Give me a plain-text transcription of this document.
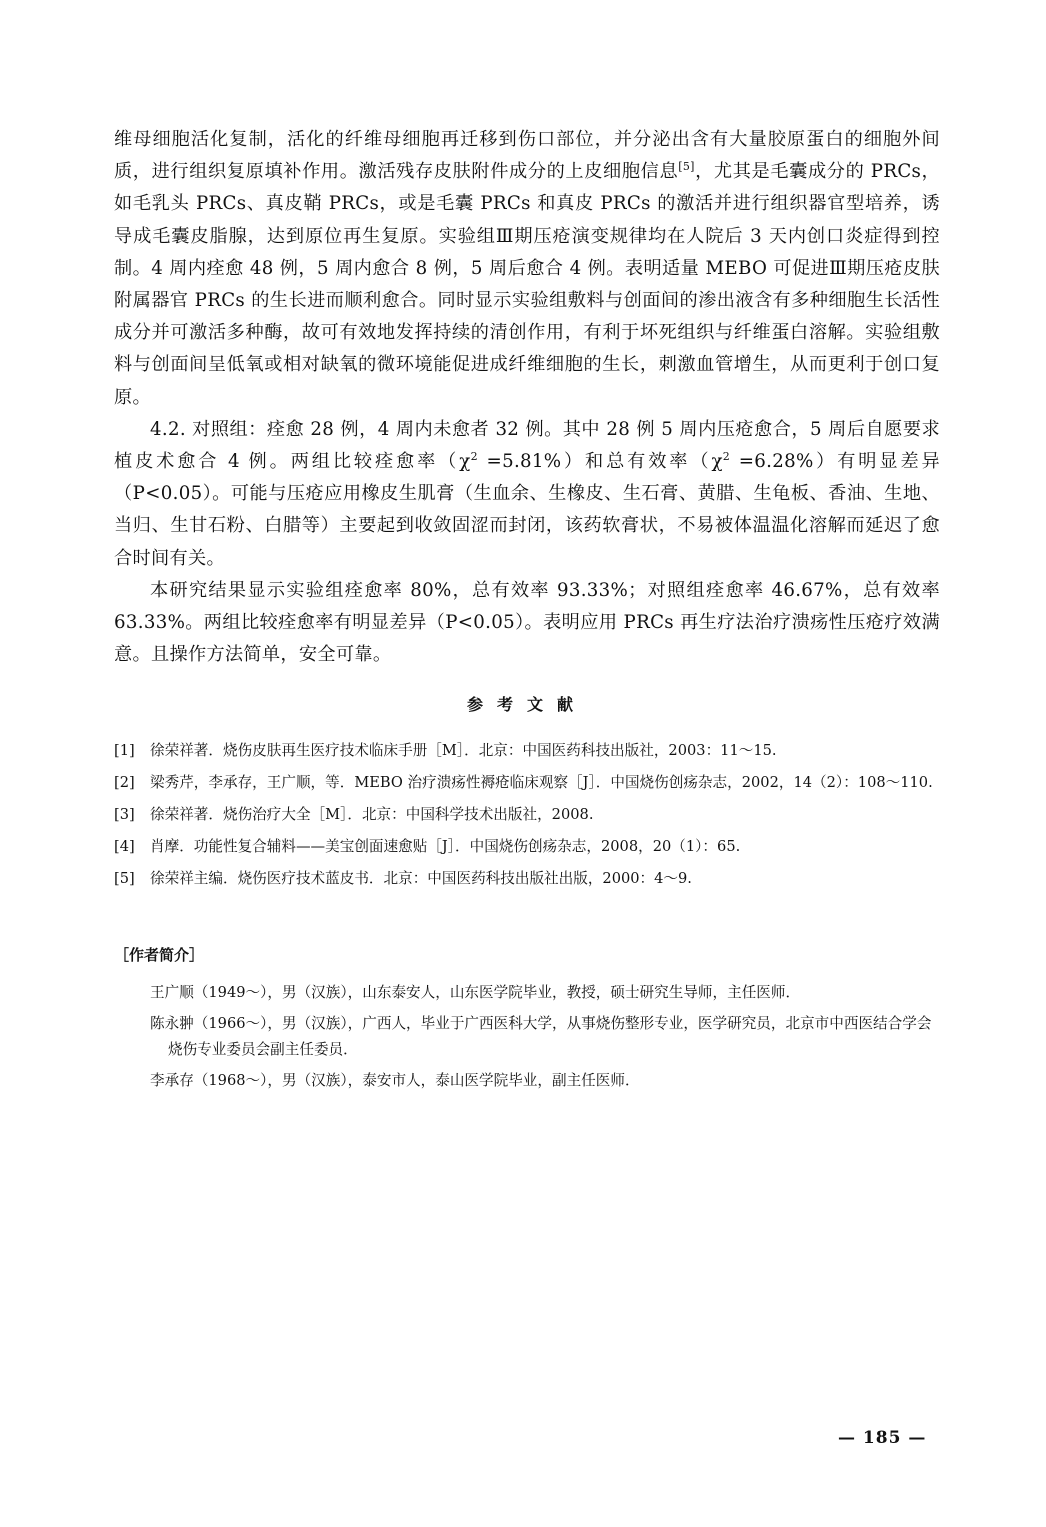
维母细胞活化复制，活化的纤维母细胞再迁移到伤口部位，并分泌出含有大量胶原蛋白的细胞外间质，进行组织复原填补作用。激活残存皮肤附件成分的上皮细胞信息[5]，尤其是毛囊成分的 PRCs，如毛乳头 PRCs、真皮鞘 PRCs，或是毛囊 PRCs 和真皮 PRCs 的激活并进行组织器官型培养，诱导成毛囊皮脂腺，达到原位再生复原。实验组Ⅲ期压疮演变规律均在人院后 3 天内创口炎症得到控制。4 周内痊愈 48 例，5 周内愈合 8 例，5 周后愈合 4 例。表明适量 MEBO 可促进Ⅲ期压疮皮肤附属器官 PRCs 的生长进而顺利愈合。同时显示实验组敷料与创面间的渗出液含有多种细胞生长活性成分并可激活多种酶，故可有效地发挥持续的清创作用，有利于坏死组织与纤维蛋白溶解。实验组敷料与创面间呈低氧或相对缺氧的微环境能促进成纤维细胞的生长，刺激血管增生，从而更利于创口复原。

4.2. 对照组：痊愈 28 例，4 周内未愈者 32 例。其中 28 例 5 周内压疮愈合，5 周后自愿要求植皮术愈合 4 例。两组比较痊愈率$(\chi^2 =5.81\%)$和总有效率$(\chi^2 =6.28\%)$有明显差异（P<0.05）。可能与压疮应用橡皮生肌膏（生血余、生橡皮、生石膏、黄腊、生龟板、香油、生地、当归、生甘石粉、白腊等）主要起到收敛固涩而封闭，该药软膏状，不易被体温温化溶解而延迟了愈合时间有关。

本研究结果显示实验组痊愈率 80%，总有效率 93.33%；对照组痊愈率 46.67%，总有效率 63.33%。两组比较痊愈率有明显差异（P<0.05）。表明应用 PRCs 再生疗法治疗溃疡性压疮疗效满意。且操作方法简单，安全可靠。

参考文献
[1]	徐荣祥著．烧伤皮肤再生医疗技术临床手册［M］．北京：中国医药科技出版社，2003：11～15.
[2]	梁秀芹，李承存，王广顺，等．MEBO 治疗溃疡性褥疮临床观察［J］．中国烧伤创疡杂志，2002，14（2）：108～110.
[3]	徐荣祥著．烧伤治疗大全［M］．北京：中国科学技术出版社，2008.
[4]	肖摩．功能性复合辅料——美宝创面速愈贴［J］．中国烧伤创疡杂志，2008，20（1）：65.
[5]	徐荣祥主编．烧伤医疗技术蓝皮书．北京：中国医药科技出版社出版，2000：4～9.
［作者简介］
王广顺（1949～），男（汉族），山东泰安人，山东医学院毕业，教授，硕士研究生导师，主任医师．
陈永翀（1966～），男（汉族），广西人，毕业于广西医科大学，从事烧伤整形专业，医学研究员，北京市中西医结合学会烧伤专业委员会副主任委员．
李承存（1968～），男（汉族），泰安市人，泰山医学院毕业，副主任医师．
— 185 —
